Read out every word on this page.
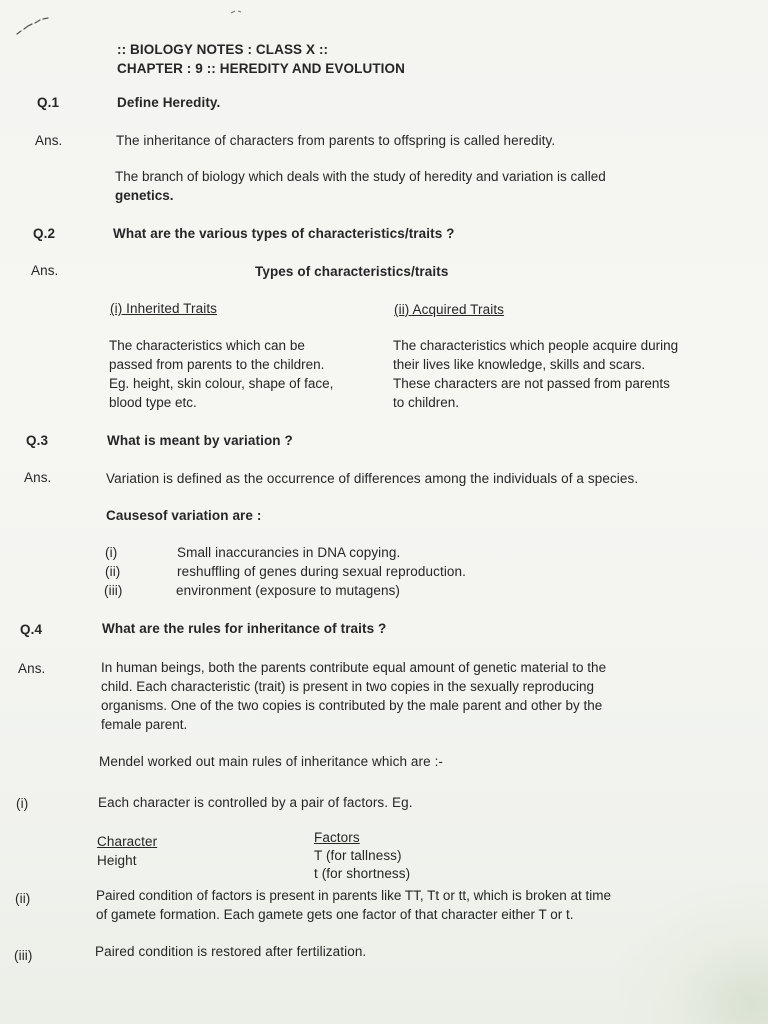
:: BIOLOGY NOTES : CLASS X ::
CHAPTER : 9 :: HEREDITY AND EVOLUTION
Q.1	Define Heredity.
Ans.	The inheritance of characters from parents to offspring is called heredity.
The branch of biology which deals with the study of heredity and variation is called
genetics.
Q.2	What are the various types of characteristics/traits ?
Ans.	Types of characteristics/traits
(i) Inherited Traits	(ii) Acquired Traits
The characteristics which can be
passed from parents to the children.
Eg. height, skin colour, shape of face,
blood type etc.
The characteristics which people acquire during
their lives like knowledge, skills and scars.
These characters are not passed from parents
to children.
Q.3	What is meant by variation ?
Ans.	Variation is defined as the occurrence of differences among the individuals of a species.
Causesof variation are :
(i)	Small inaccurancies in DNA copying.
(ii)	reshuffling of genes during sexual reproduction.
(iii)	environment (exposure to mutagens)
Q.4	What are the rules for inheritance of traits ?
Ans.	In human beings, both the parents contribute equal amount of genetic material to the
child. Each characteristic (trait) is present in two copies in the sexually reproducing
organisms. One of the two copies is contributed by the male parent and other by the
female parent.
Mendel worked out main rules of inheritance which are :-
(i)	Each character is controlled by a pair of factors. Eg.
Character	Factors
Height	T (for tallness)
t (for shortness)
(ii)	Paired condition of factors is present in parents like TT, Tt or tt, which is broken at time
of gamete formation. Each gamete gets one factor of that character either T or t.
(iii)	Paired condition is restored after fertilization.
